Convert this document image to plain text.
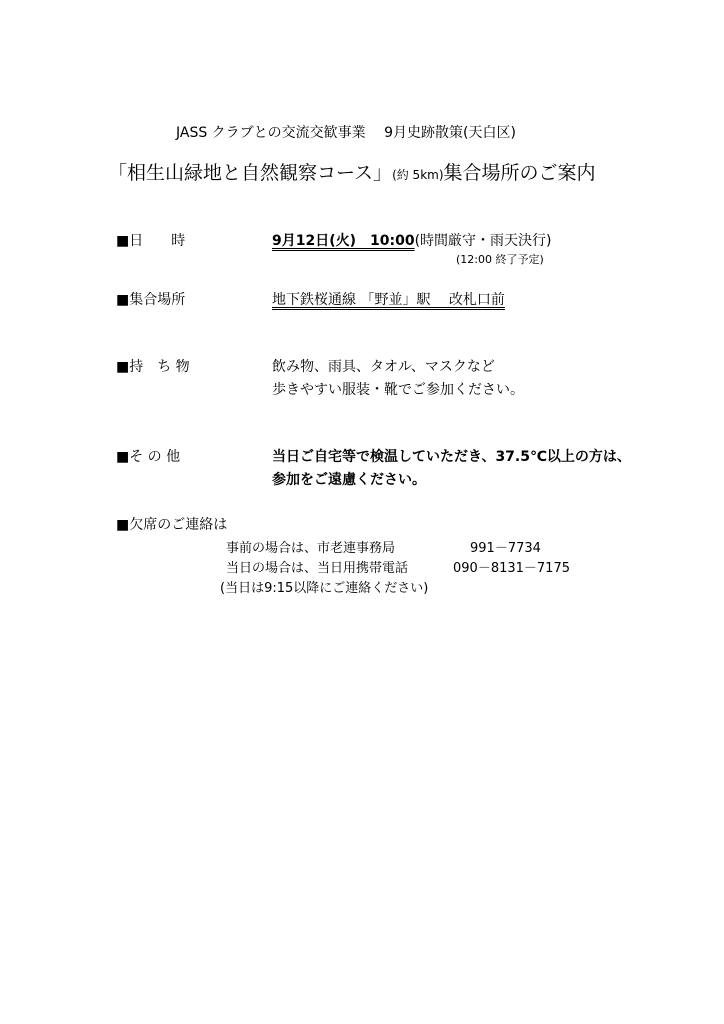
JASS クラブとの交流交歓事業　 9月史跡散策(天白区)
「相生山緑地と自然観察コース」(約 5km)集合場所のご案内
■日　　時	9月12日(火)　10:00(時間厳守・雨天決行)
(12:00 終了予定)
■集合場所	地下鉄桜通線 「野並」駅　 改札口前
■持　ち 物	飲み物、雨具、タオル、マスクなど
歩きやすい服装・靴でご参加ください。
■そ の 他	当日ご自宅等で検温していただき、37.5℃以上の方は、
参加をご遠慮ください。
■欠席のご連絡は
事前の場合は、市老連事務局	991－7734
当日の場合は、当日用携帯電話	090－8131－7175
(当日は9:15以降にご連絡ください)
